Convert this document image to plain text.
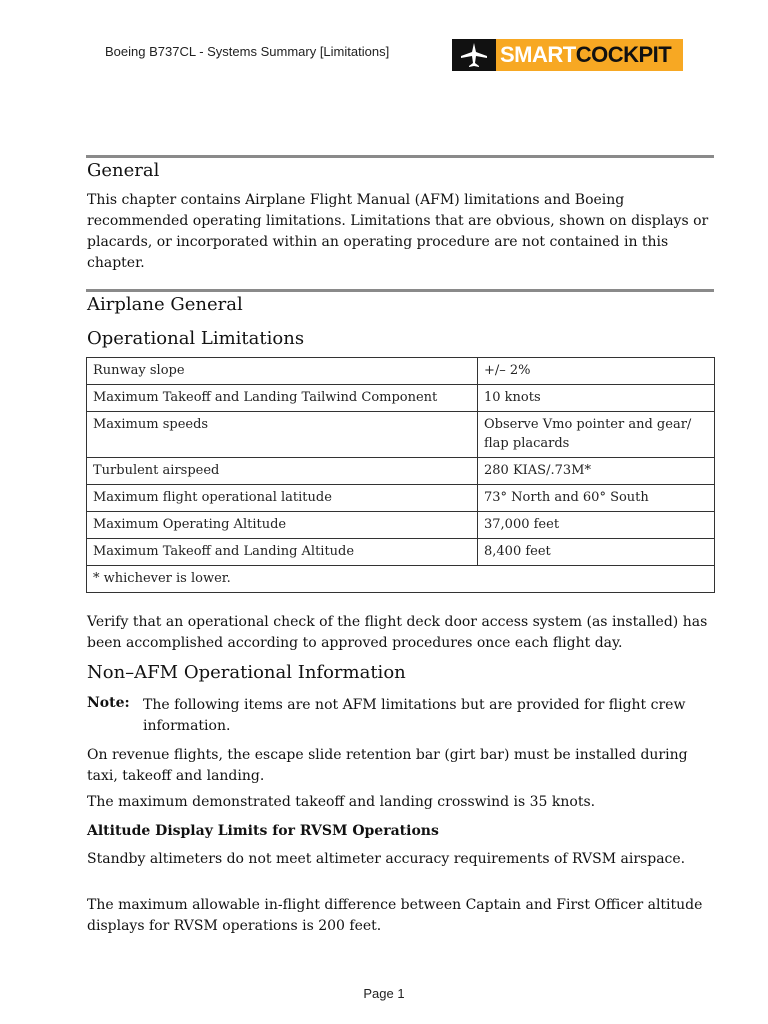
Boeing B737CL - Systems Summary [Limitations]	SMART COCKPIT
General
This chapter contains Airplane Flight Manual (AFM) limitations and Boeing recommended operating limitations. Limitations that are obvious, shown on displays or placards, or incorporated within an operating procedure are not contained in this chapter.
Airplane General
Operational Limitations
Runway slope	+/– 2%
Maximum Takeoff and Landing Tailwind Component	10 knots
Maximum speeds	Observe Vmo pointer and gear/ flap placards
Turbulent airspeed	280 KIAS/.73M*
Maximum flight operational latitude	73° North and 60° South
Maximum Operating Altitude	37,000 feet
Maximum Takeoff and Landing Altitude	8,400 feet
* whichever is lower.	
Verify that an operational check of the flight deck door access system (as installed) has been accomplished according to approved procedures once each flight day.
Non–AFM Operational Information
Note: The following items are not AFM limitations but are provided for flight crew information.
On revenue flights, the escape slide retention bar (girt bar) must be installed during taxi, takeoff and landing.
The maximum demonstrated takeoff and landing crosswind is 35 knots.
Altitude Display Limits for RVSM Operations
Standby altimeters do not meet altimeter accuracy requirements of RVSM airspace.
The maximum allowable in-flight difference between Captain and First Officer altitude displays for RVSM operations is 200 feet.
Page 1
